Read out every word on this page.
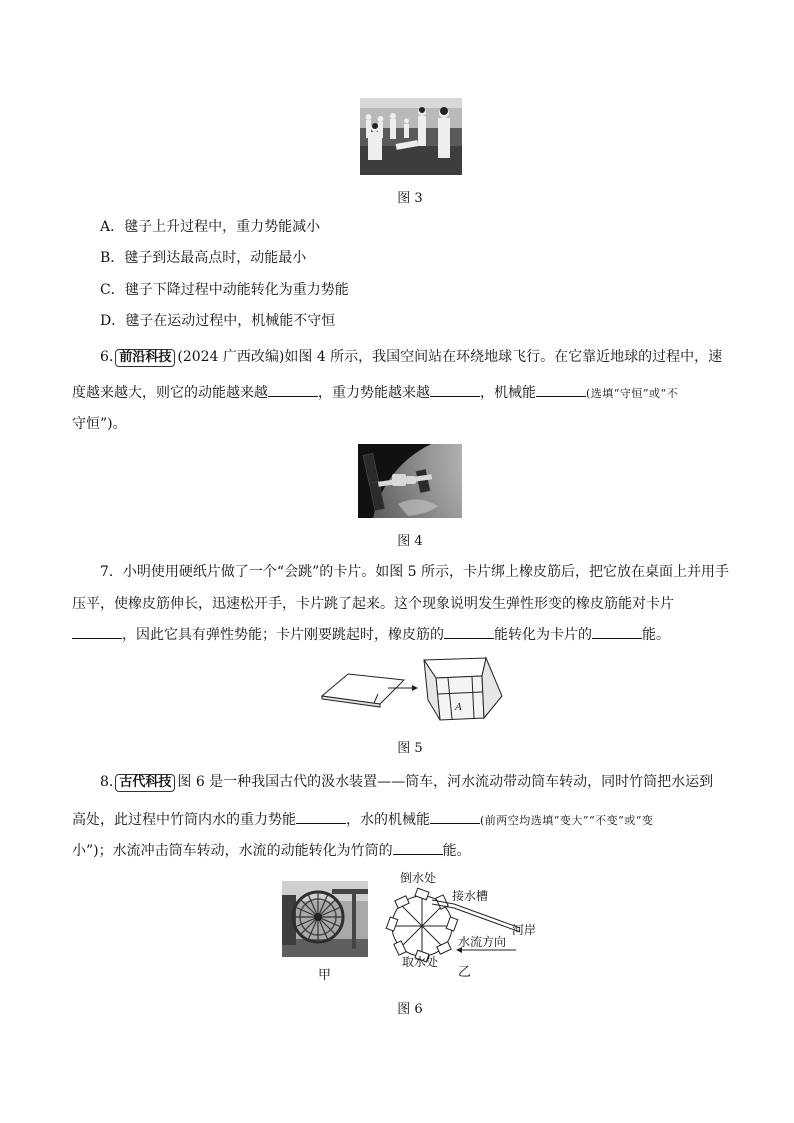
图 3
A．毽子上升过程中，重力势能减小
B．毽子到达最高点时，动能最小
C．毽子下降过程中动能转化为重力势能
D．毽子在运动过程中，机械能不守恒
6. 前沿科技 (2024 广西改编)如图 4 所示，我国空间站在环绕地球飞行。在它靠近地球的过程中，速
度越来越大，则它的动能越来越	，重力势能越来越	，机械能	(选填“守恒”或“不
守恒”)。
图 4
7．小明使用硬纸片做了一个“会跳”的卡片。如图 5 所示，卡片绑上橡皮筋后，把它放在桌面上并用手
压平，使橡皮筋伸长，迅速松开手，卡片跳了起来。这个现象说明发生弹性形变的橡皮筋能对卡片
，因此它具有弹性势能；卡片刚要跳起时，橡皮筋的	能转化为卡片的	能。
A
图 5
8. 古代科技 图 6 是一种我国古代的汲水装置——筒车，河水流动带动筒车转动，同时竹筒把水运到
高处，此过程中竹筒内水的重力势能	，水的机械能	(前两空均选填“变大”“不变”或“变
小”)；水流冲击筒车转动，水流的动能转化为竹筒的	能。
甲
倒水处
接水槽
河岸
水流方向
取水处
乙
图 6
